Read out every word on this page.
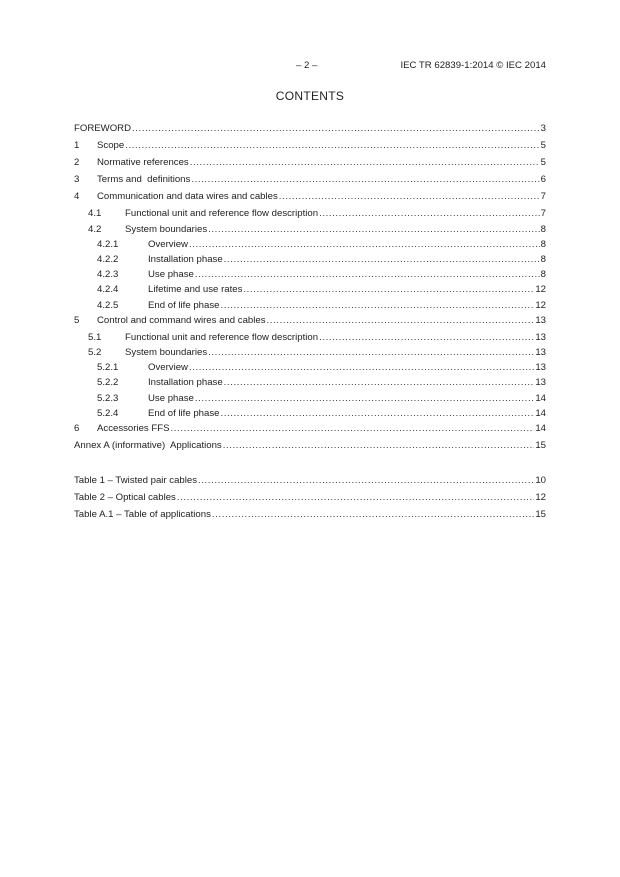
– 2 –	IEC TR 62839-1:2014 © IEC 2014
CONTENTS
FOREWORD .....	3
1	Scope .....	5
2	Normative references .....	5
3	Terms and  definitions .....	6
4	Communication and data wires and cables .....	7
4.1	Functional unit and reference flow description .....	7
4.2	System boundaries .....	8
4.2.1	Overview .....	8
4.2.2	Installation phase .....	8
4.2.3	Use phase .....	8
4.2.4	Lifetime and use rates .....	12
4.2.5	End of life phase .....	12
5	Control and command wires and cables .....	13
5.1	Functional unit and reference flow description .....	13
5.2	System boundaries .....	13
5.2.1	Overview .....	13
5.2.2	Installation phase .....	13
5.2.3	Use phase .....	14
5.2.4	End of life phase .....	14
6	Accessories FFS .....	14
Annex A (informative)  Applications .....	15
Table 1 – Twisted pair cables .....	10
Table 2 – Optical cables .....	12
Table A.1 – Table of applications .....	15
